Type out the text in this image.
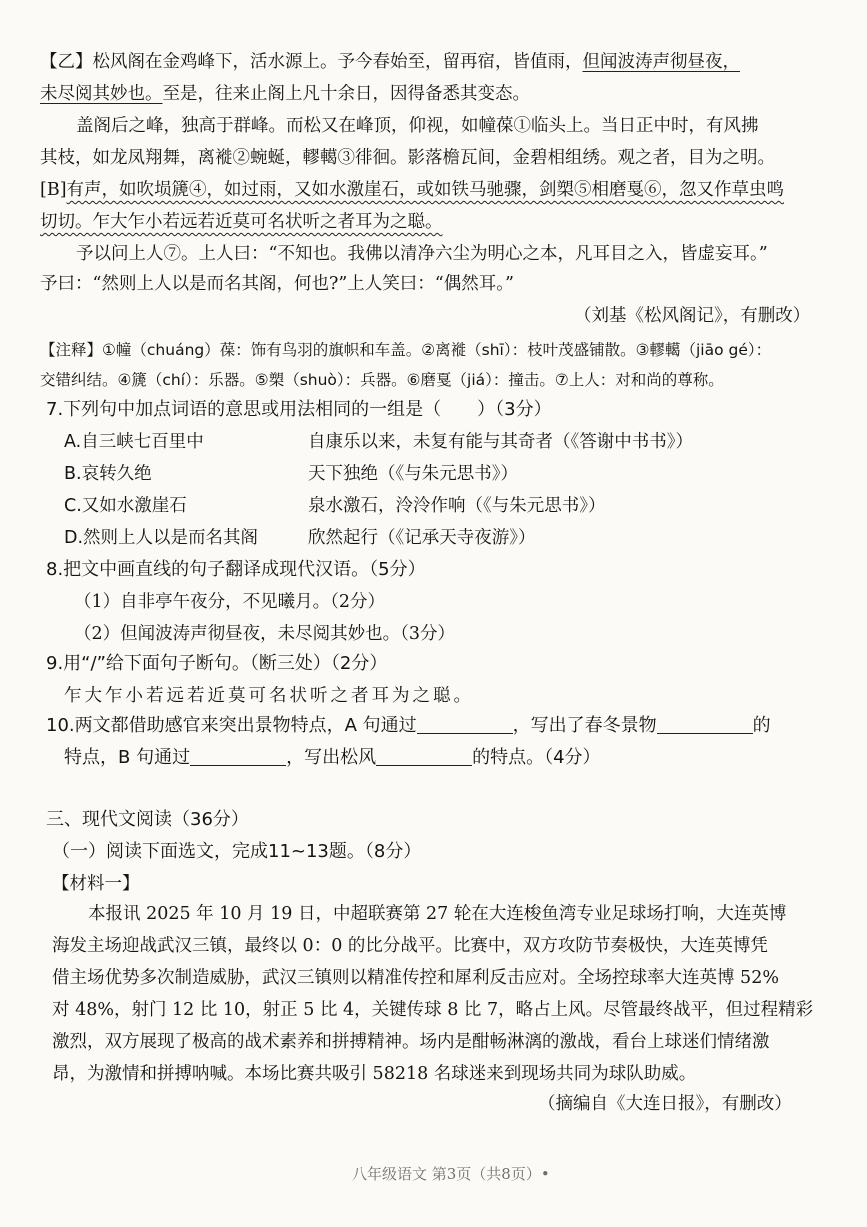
【乙】松风阁在金鸡峰下，活水源上。予今春始至，留再宿，皆值雨，但闻波涛声彻昼夜，
未尽阅其妙也。至是，往来止阁上凡十余日，因得备悉其变态。
盖阁后之峰，独高于群峰。而松又在峰顶，仰视，如幢葆①临头上。当日正中时，有风拂
其枝，如龙凤翔舞，离褷②蜿蜒，轇轕③徘徊。影落檐瓦间，金碧相组绣。观之者，目为之明。
[B]有声，如吹埙篪④，如过雨，又如水激崖石，或如铁马驰骤，剑槊⑤相磨戛⑥，忽又作草虫鸣
切切。乍大乍小若远若近莫可名状听之者耳为之聪。
予以问上人⑦。上人曰：“不知也。我佛以清净六尘为明心之本，凡耳目之入，皆虚妄耳。”
予曰：“然则上人以是而名其阁，何也?”上人笑曰：“偶然耳。”
（刘基《松风阁记》，有删改）
【注释】①幢（chuáng）葆：饰有鸟羽的旗帜和车盖。②离褷（shī）：枝叶茂盛铺散。③轇轕（jiāo gé）：
交错纠结。④篪（chí）：乐器。⑤槊（shuò）：兵器。⑥磨戛（jiá）：撞击。⑦上人：对和尚的尊称。
7.下列句中加点词语的意思或用法相同的一组是（　　）（3分）
A.自三峡七百里中	自康乐以来，未复有能与其奇者（《答谢中书书》）
B.哀转久绝	天下独绝（《与朱元思书》）
C.又如水激崖石	泉水激石，泠泠作响（《与朱元思书》）
D.然则上人以是而名其阁	欣然起行（《记承天寺夜游》）
8.把文中画直线的句子翻译成现代汉语。（5分）
（1）自非亭午夜分，不见曦月。（2分）
（2）但闻波涛声彻昼夜，未尽阅其妙也。（3分）
9.用“/”给下面句子断句。（断三处）（2分）
乍大乍小若远若近莫可名状听之者耳为之聪。
10.两文都借助感官来突出景物特点，A 句通过	，写出了春冬景物	的
特点，B 句通过	，写出松风	的特点。（4分）
三、现代文阅读（36分）
（一）阅读下面选文，完成11~13题。（8分）
【材料一】
本报讯 2025 年 10 月 19 日，中超联赛第 27 轮在大连梭鱼湾专业足球场打响，大连英博
海发主场迎战武汉三镇，最终以 0：0 的比分战平。比赛中，双方攻防节奏极快，大连英博凭
借主场优势多次制造威胁，武汉三镇则以精准传控和犀利反击应对。全场控球率大连英博 52%
对 48%，射门 12 比 10，射正 5 比 4，关键传球 8 比 7，略占上风。尽管最终战平，但过程精彩
激烈，双方展现了极高的战术素养和拼搏精神。场内是酣畅淋漓的激战，看台上球迷们情绪激
昂，为激情和拼搏呐喊。本场比赛共吸引 58218 名球迷来到现场共同为球队助威。
（摘编自《大连日报》，有删改）
八年级语文 第3页（共8页）•
